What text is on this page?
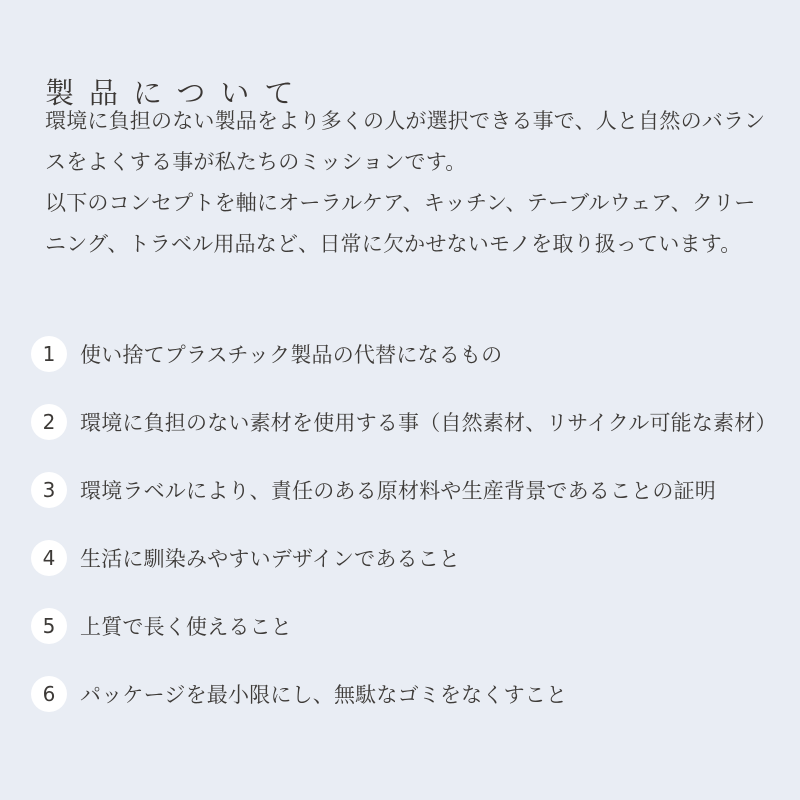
製品について
環境に負担のない製品をより多くの人が選択できる事で、人と自然のバラン
スをよくする事が私たちのミッションです。
以下のコンセプトを軸にオーラルケア、キッチン、テーブルウェア、クリー
ニング、トラベル用品など、日常に欠かせないモノを取り扱っています。
1	使い捨てプラスチック製品の代替になるもの
2	環境に負担のない素材を使用する事（自然素材、リサイクル可能な素材）
3	環境ラベルにより、責任のある原材料や生産背景であることの証明
4	生活に馴染みやすいデザインであること
5	上質で長く使えること
6	パッケージを最小限にし、無駄なゴミをなくすこと
